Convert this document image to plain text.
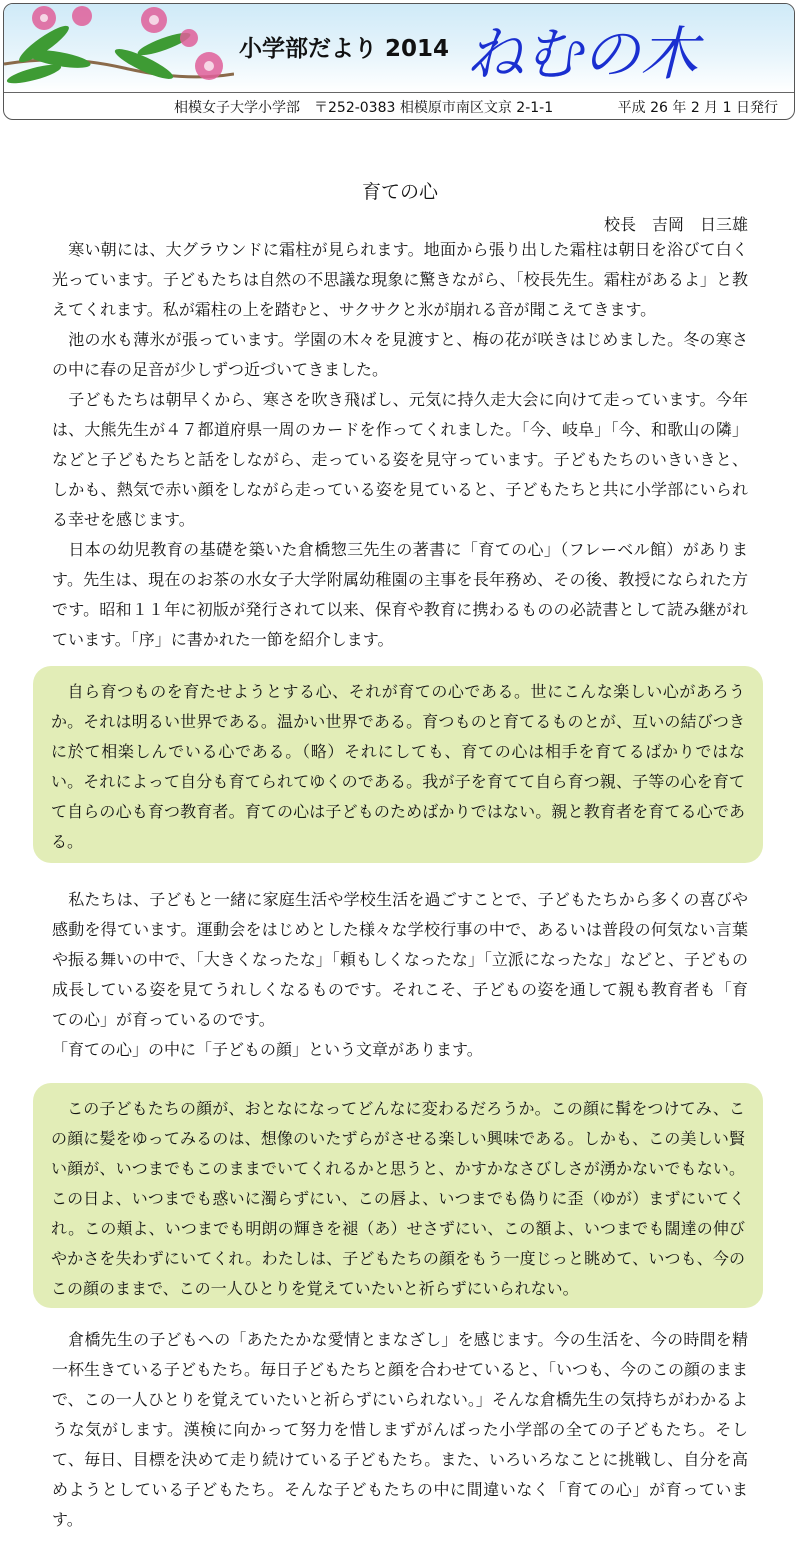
小学部だより 2014 ねむの木
相模女子大学小学部　〒252-0383 相模原市南区文京 2-1-1	平成 26 年 2 月 1 日発行
育ての心
校長　吉岡　日三雄

寒い朝には、大グラウンドに霜柱が見られます。地面から張り出した霜柱は朝日を浴びて白く光っています。子どもたちは自然の不思議な現象に驚きながら、「校長先生。霜柱があるよ」と教えてくれます。私が霜柱の上を踏むと、サクサクと氷が崩れる音が聞こえてきます。

池の水も薄氷が張っています。学園の木々を見渡すと、梅の花が咲きはじめました。冬の寒さの中に春の足音が少しずつ近づいてきました。

子どもたちは朝早くから、寒さを吹き飛ばし、元気に持久走大会に向けて走っています。今年は、大熊先生が４７都道府県一周のカードを作ってくれました。「今、岐阜」「今、和歌山の隣」などと子どもたちと話をしながら、走っている姿を見守っています。子どもたちのいきいきと、しかも、熱気で赤い顔をしながら走っている姿を見ていると、子どもたちと共に小学部にいられる幸せを感じます。

日本の幼児教育の基礎を築いた倉橋惣三先生の著書に「育ての心」（フレーベル館）があります。先生は、現在のお茶の水女子大学附属幼稚園の主事を長年務め、その後、教授になられた方です。昭和１１年に初版が発行されて以来、保育や教育に携わるものの必読書として読み継がれています。「序」に書かれた一節を紹介します。

自ら育つものを育たせようとする心、それが育ての心である。世にこんな楽しい心があろうか。それは明るい世界である。温かい世界である。育つものと育てるものとが、互いの結びつきに於て相楽しんでいる心である。（略）それにしても、育ての心は相手を育てるばかりではない。それによって自分も育てられてゆくのである。我が子を育てて自ら育つ親、子等の心を育てて自らの心も育つ教育者。育ての心は子どものためばかりではない。親と教育者を育てる心である。

私たちは、子どもと一緒に家庭生活や学校生活を過ごすことで、子どもたちから多くの喜びや感動を得ています。運動会をはじめとした様々な学校行事の中で、あるいは普段の何気ない言葉や振る舞いの中で、「大きくなったな」「頼もしくなったな」「立派になったな」などと、子どもの成長している姿を見てうれしくなるものです。それこそ、子どもの姿を通して親も教育者も「育ての心」が育っているのです。

「育ての心」の中に「子どもの顔」という文章があります。

この子どもたちの顔が、おとなになってどんなに変わるだろうか。この顔に髯をつけてみ、この顔に髪をゆってみるのは、想像のいたずらがさせる楽しい興味である。しかも、この美しい賢い顔が、いつまでもこのままでいてくれるかと思うと、かすかなさびしさが湧かないでもない。この日よ、いつまでも惑いに濁らずにい、この唇よ、いつまでも偽りに歪（ゆが）まずにいてくれ。この頬よ、いつまでも明朗の輝きを褪（あ）せさずにい、この額よ、いつまでも闊達の伸びやかさを失わずにいてくれ。わたしは、子どもたちの顔をもう一度じっと眺めて、いつも、今のこの顔のままで、この一人ひとりを覚えていたいと祈らずにいられない。

倉橋先生の子どもへの「あたたかな愛情とまなざし」を感じます。今の生活を、今の時間を精一杯生きている子どもたち。毎日子どもたちと顔を合わせていると、「いつも、今のこの顔のままで、この一人ひとりを覚えていたいと祈らずにいられない。」そんな倉橋先生の気持ちがわかるような気がします。漢検に向かって努力を惜しまずがんばった小学部の全ての子どもたち。そして、毎日、目標を決めて走り続けている子どもたち。また、いろいろなことに挑戦し、自分を高めようとしている子どもたち。そんな子どもたちの中に間違いなく「育ての心」が育っています。
